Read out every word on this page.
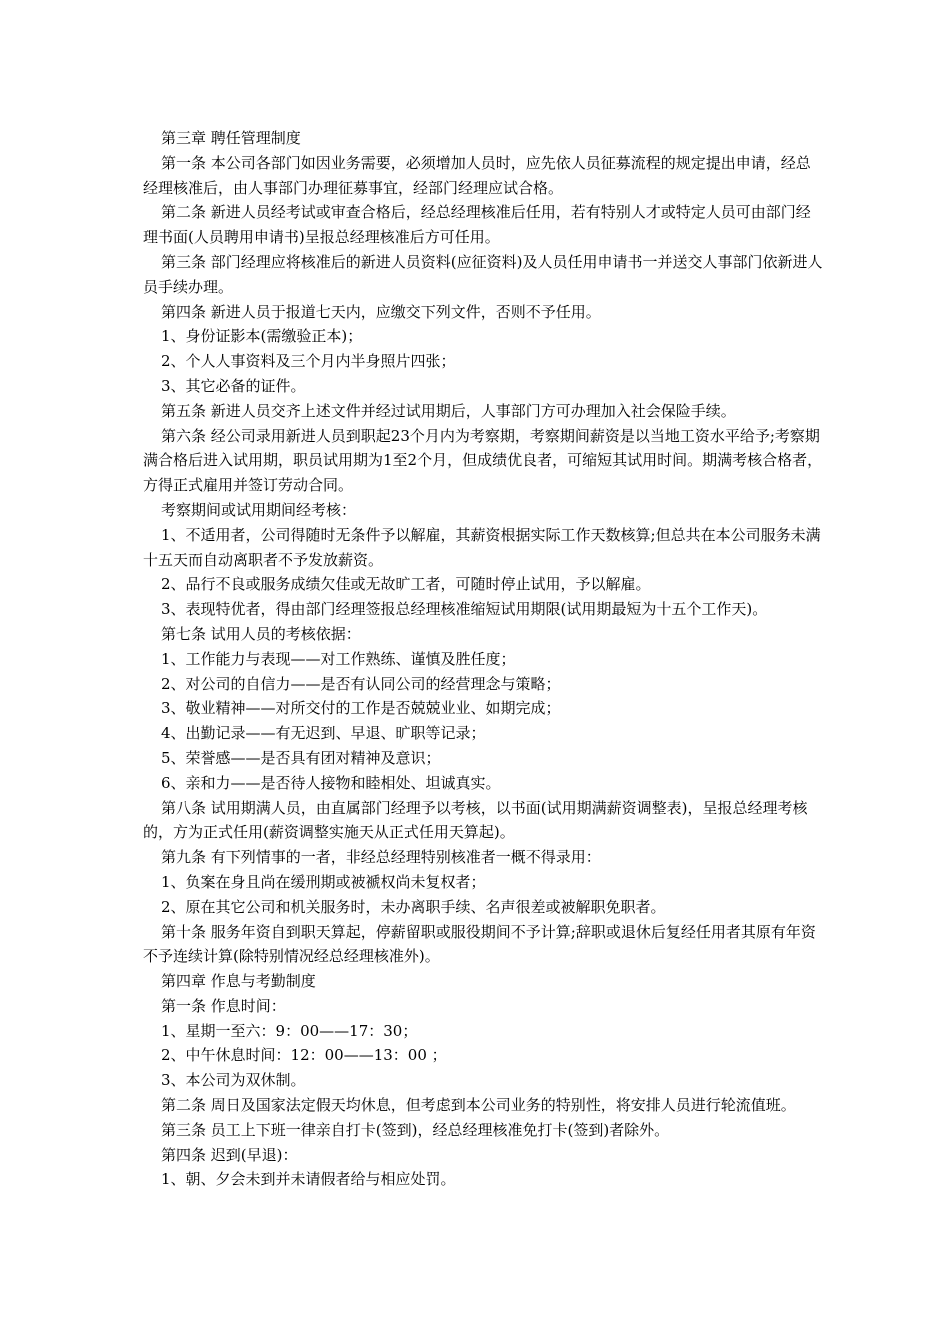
第三章 聘任管理制度

第一条 本公司各部门如因业务需要，必须增加人员时，应先依人员征募流程的规定提出申请，经总经理核准后，由人事部门办理征募事宜，经部门经理应试合格。

第二条 新进人员经考试或审查合格后，经总经理核准后任用，若有特别人才或特定人员可由部门经理书面(人员聘用申请书)呈报总经理核准后方可任用。

第三条 部门经理应将核准后的新进人员资料(应征资料)及人员任用申请书一并送交人事部门依新进人员手续办理。

第四条 新进人员于报道七天内，应缴交下列文件，否则不予任用。

1、身份证影本(需缴验正本)；

2、个人人事资料及三个月内半身照片四张；

3、其它必备的证件。

第五条 新进人员交齐上述文件并经过试用期后，人事部门方可办理加入社会保险手续。

第六条 经公司录用新进人员到职起23个月内为考察期，考察期间薪资是以当地工资水平给予;考察期满合格后进入试用期，职员试用期为1至2个月，但成绩优良者，可缩短其试用时间。期满考核合格者，方得正式雇用并签订劳动合同。

考察期间或试用期间经考核：

1、不适用者，公司得随时无条件予以解雇，其薪资根据实际工作天数核算;但总共在本公司服务未满十五天而自动离职者不予发放薪资。

2、品行不良或服务成绩欠佳或无故旷工者，可随时停止试用，予以解雇。

3、表现特优者，得由部门经理签报总经理核准缩短试用期限(试用期最短为十五个工作天)。

第七条 试用人员的考核依据：

1、工作能力与表现——对工作熟练、谨慎及胜任度；

2、对公司的自信力——是否有认同公司的经营理念与策略；

3、敬业精神——对所交付的工作是否兢兢业业、如期完成；

4、出勤记录——有无迟到、早退、旷职等记录；

5、荣誉感——是否具有团对精神及意识；

6、亲和力——是否待人接物和睦相处、坦诚真实。

第八条 试用期满人员，由直属部门经理予以考核，以书面(试用期满薪资调整表)，呈报总经理考核的，方为正式任用(薪资调整实施天从正式任用天算起)。

第九条 有下列情事的一者，非经总经理特别核准者一概不得录用：

1、负案在身且尚在缓刑期或被褫权尚未复权者；

2、原在其它公司和机关服务时，未办离职手续、名声很差或被解职免职者。

第十条 服务年资自到职天算起，停薪留职或服役期间不予计算;辞职或退休后复经任用者其原有年资不予连续计算(除特别情况经总经理核准外)。

第四章 作息与考勤制度

第一条 作息时间：

1、星期一至六：9：00——17：30；

2、中午休息时间：12：00——13：00 ；

3、本公司为双休制。

第二条 周日及国家法定假天均休息，但考虑到本公司业务的特别性，将安排人员进行轮流值班。

第三条 员工上下班一律亲自打卡(签到)，经总经理核准免打卡(签到)者除外。

第四条 迟到(早退)：

1、朝、夕会未到并未请假者给与相应处罚。
